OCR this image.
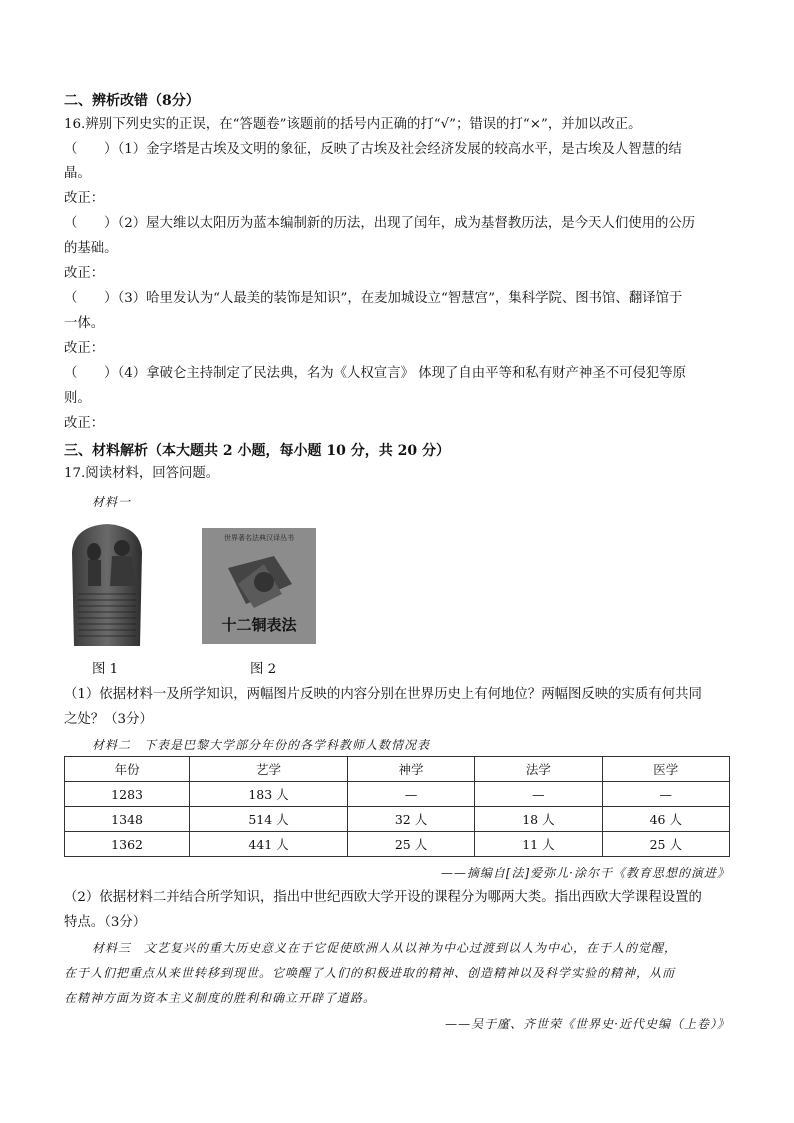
二、辨析改错（8分）
16.辨别下列史实的正误，在“答题卷”该题前的括号内正确的打“√”；错误的打“×”，并加以改正。
（　　）（1）金字塔是古埃及文明的象征，反映了古埃及社会经济发展的较高水平，是古埃及人智慧的结
晶。
改正：
（　　）（2）屋大维以太阳历为蓝本编制新的历法，出现了闰年，成为基督教历法，是今天人们使用的公历
的基础。
改正：
（　　）（3）哈里发认为“人最美的装饰是知识”，在麦加城设立“智慧宫”，集科学院、图书馆、翻译馆于
一体。
改正：
（　　）（4）拿破仑主持制定了民法典，名为《人权宣言》 体现了自由平等和私有财产神圣不可侵犯等原
则。
改正：
三、材料解析（本大题共 2 小题，每小题 10 分，共 20 分）
17.阅读材料，回答问题。
材料一
世界著名法典汉译丛书
十二铜表法
图 1	图 2
（1）依据材料一及所学知识，两幅图片反映的内容分别在世界历史上有何地位？两幅图反映的实质有何共同
之处？（3分）
材料二　下表是巴黎大学部分年份的各学科教师人数情况表
年份	艺学	神学	法学	医学
1283	183 人	—	—	—
1348	514 人	32 人	18 人	46 人
1362	441 人	25 人	11 人	25 人
——摘编自[法]爱弥儿·涂尔干《教育思想的演进》
（2）依据材料二并结合所学知识，指出中世纪西欧大学开设的课程分为哪两大类。指出西欧大学课程设置的
特点。（3分）
材料三　文艺复兴的重大历史意义在于它促使欧洲人从以神为中心过渡到以人为中心，在于人的觉醒，
在于人们把重点从来世转移到现世。它唤醒了人们的积极进取的精神、创造精神以及科学实验的精神，从而
在精神方面为资本主义制度的胜利和确立开辟了道路。
——吴于廑、齐世荣《世界史·近代史编（上卷）》
